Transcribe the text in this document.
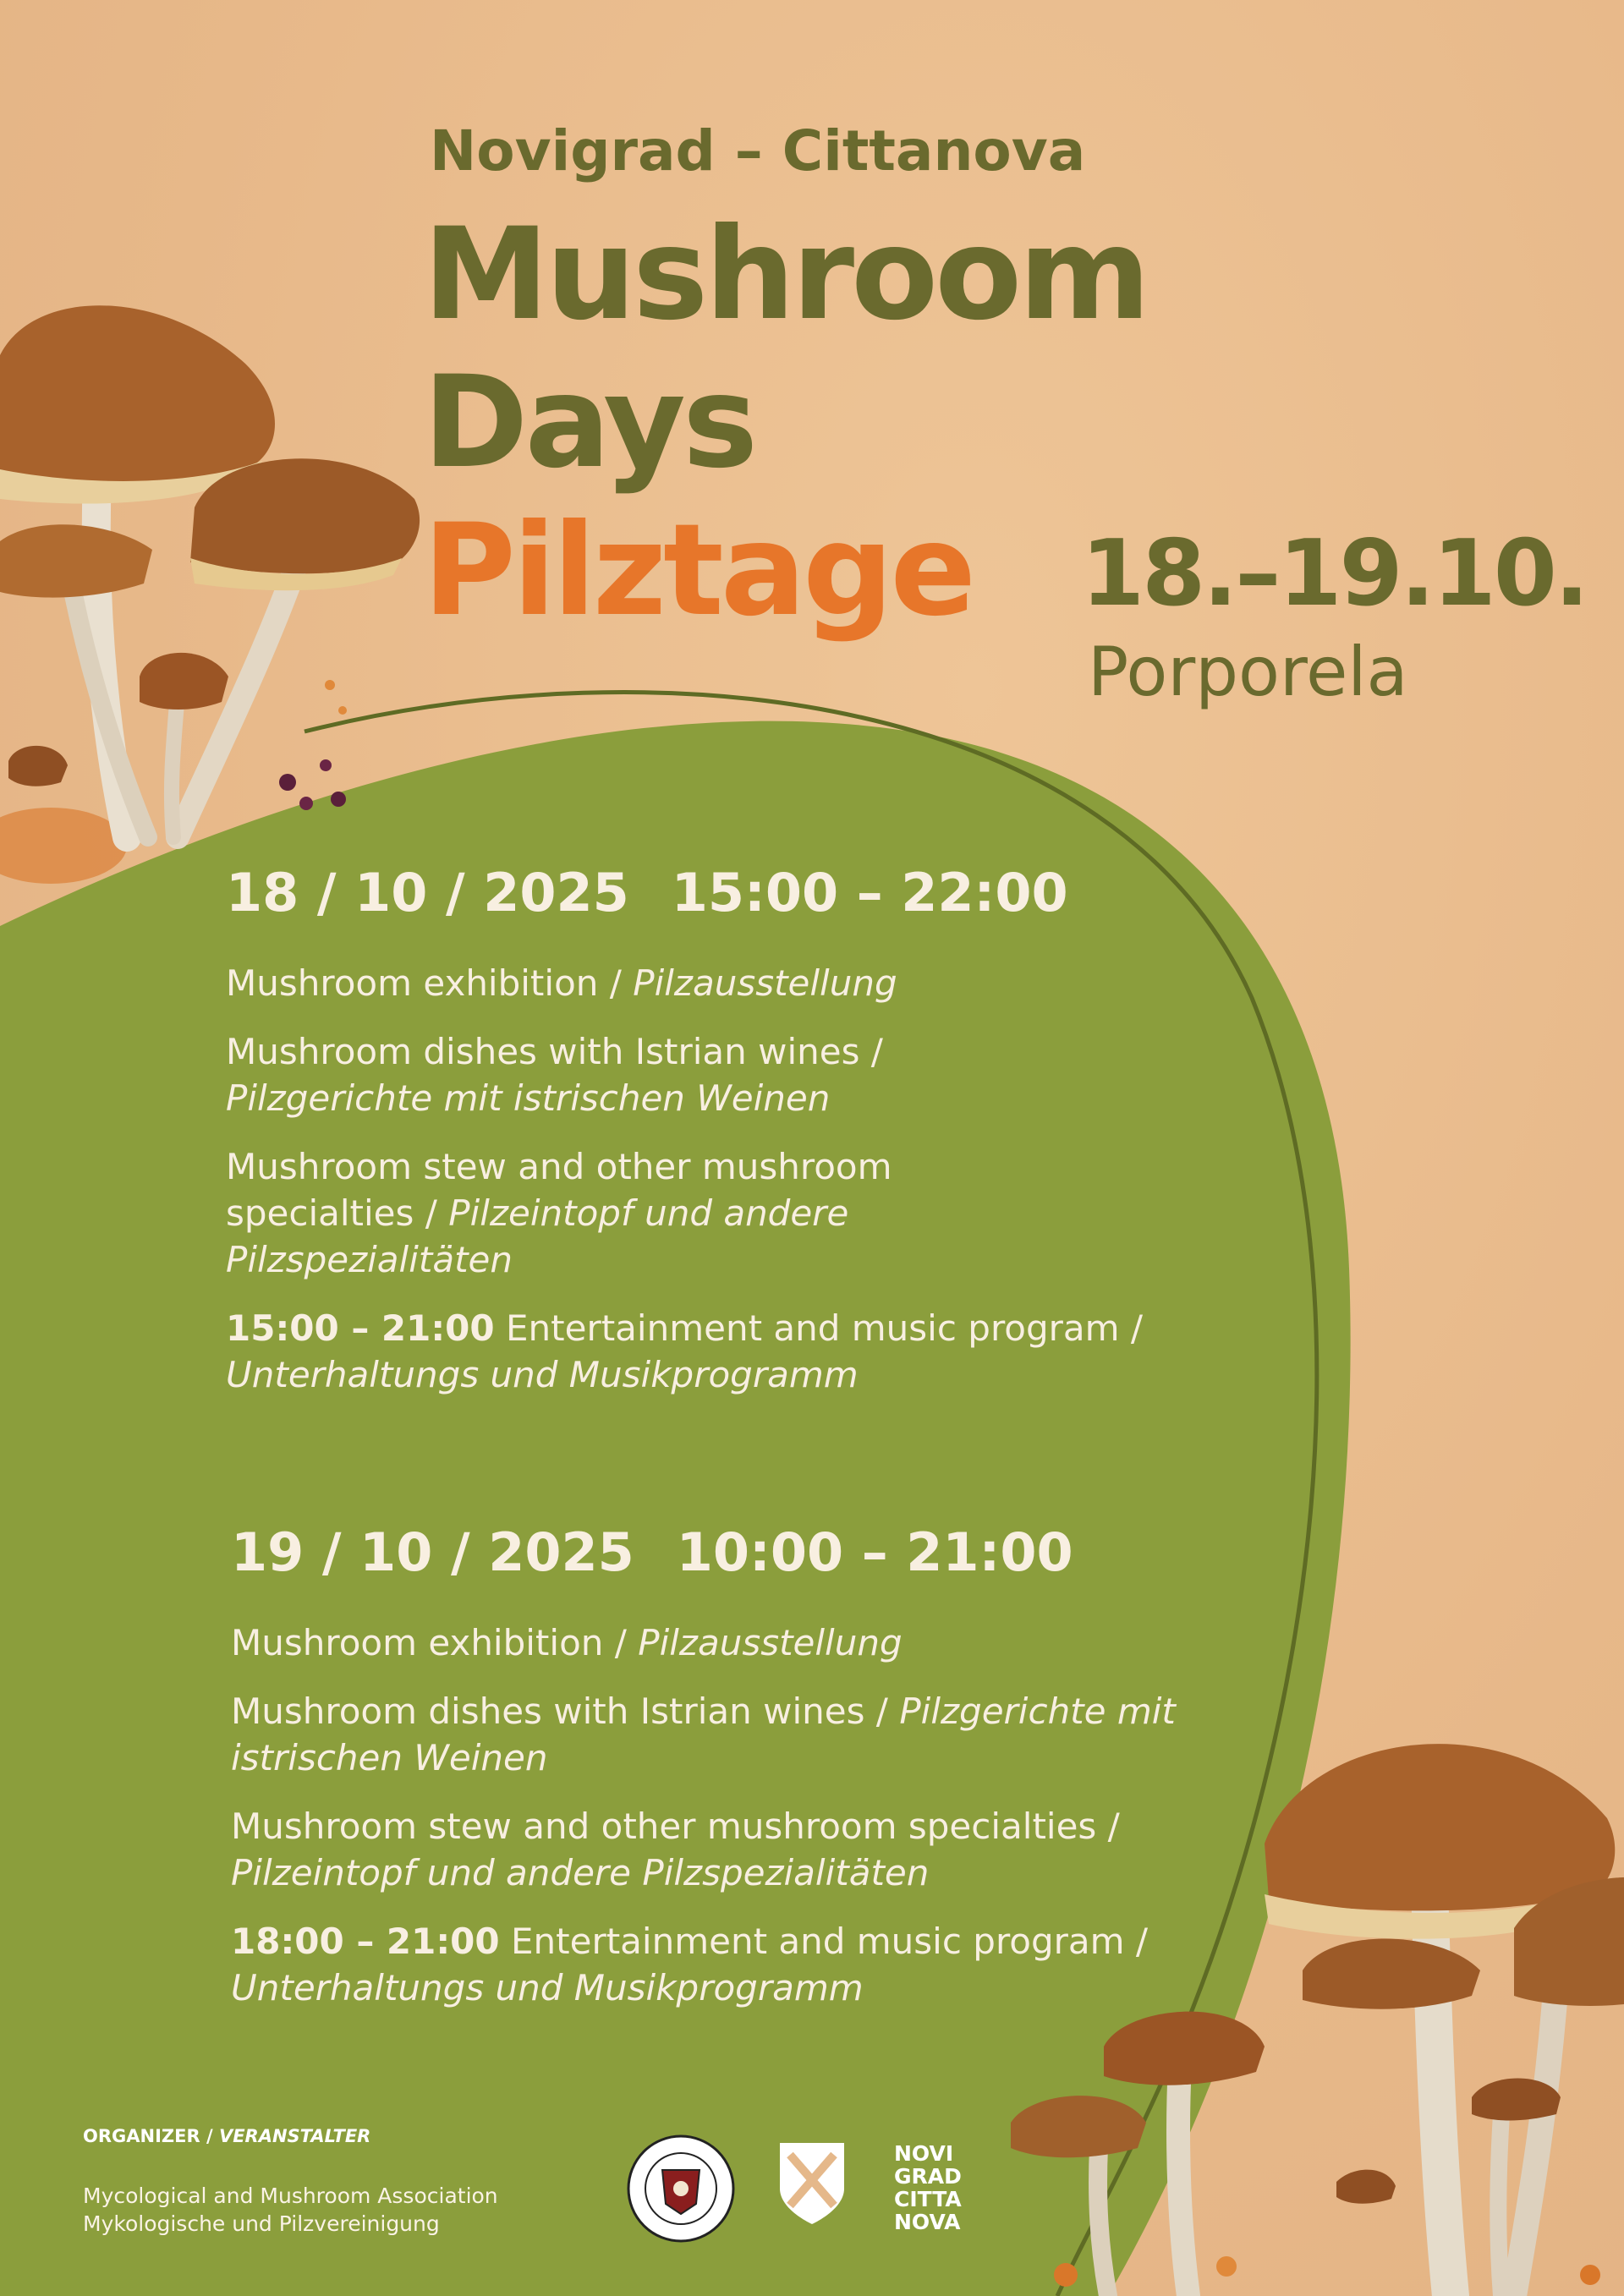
Novigrad – Cittanova
Mushroom
Days
Pilztage 18.–19.10.
Porporela
18 / 10 / 2025 15:00 – 22:00

Mushroom exhibition / Pilzausstellung

Mushroom dishes with Istrian wines /
Pilzgerichte mit istrischen Weinen

Mushroom stew and other mushroom specialties / Pilzeintopf und andere Pilzspezialitäten

15:00 – 21:00 Entertainment and music program /
Unterhaltungs und Musikprogramm

19 / 10 / 2025 10:00 – 21:00

Mushroom exhibition / Pilzausstellung

Mushroom dishes with Istrian wines / Pilzgerichte mit istrischen Weinen

Mushroom stew and other mushroom specialties / Pilzeintopf und andere Pilzspezialitäten

18:00 – 21:00 Entertainment and music program /
Unterhaltungs und Musikprogramm

ORGANIZER / VERANSTALTER
Mycological and Mushroom Association
Mykologische und Pilzvereinigung
NOVI
GRAD
CITTA
NOVA
